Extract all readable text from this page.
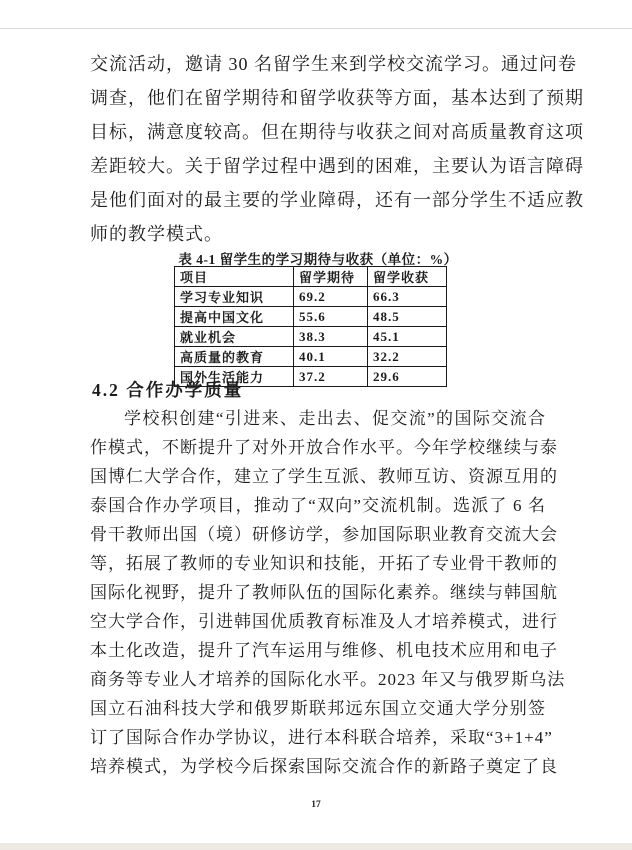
交流活动，邀请 30 名留学生来到学校交流学习。通过问卷
调查，他们在留学期待和留学收获等方面，基本达到了预期
目标，满意度较高。但在期待与收获之间对高质量教育这项
差距较大。关于留学过程中遇到的困难，主要认为语言障碍
是他们面对的最主要的学业障碍，还有一部分学生不适应教
师的教学模式。
表 4-1 留学生的学习期待与收获（单位：%）
项目	留学期待	留学收获
学习专业知识	69.2	66.3
提高中国文化	55.6	48.5
就业机会	38.3	45.1
高质量的教育	40.1	32.2
国外生活能力	37.2	29.6
4.2 合作办学质量
学校积创建“引进来、走出去、促交流”的国际交流合
作模式，不断提升了对外开放合作水平。今年学校继续与泰
国博仁大学合作，建立了学生互派、教师互访、资源互用的
泰国合作办学项目，推动了“双向”交流机制。选派了 6 名
骨干教师出国（境）研修访学，参加国际职业教育交流大会
等，拓展了教师的专业知识和技能，开拓了专业骨干教师的
国际化视野，提升了教师队伍的国际化素养。继续与韩国航
空大学合作，引进韩国优质教育标准及人才培养模式，进行
本土化改造，提升了汽车运用与维修、机电技术应用和电子
商务等专业人才培养的国际化水平。2023 年又与俄罗斯乌法
国立石油科技大学和俄罗斯联邦远东国立交通大学分别签
订了国际合作办学协议，进行本科联合培养，采取“3+1+4”
培养模式，为学校今后探索国际交流合作的新路子奠定了良
17
